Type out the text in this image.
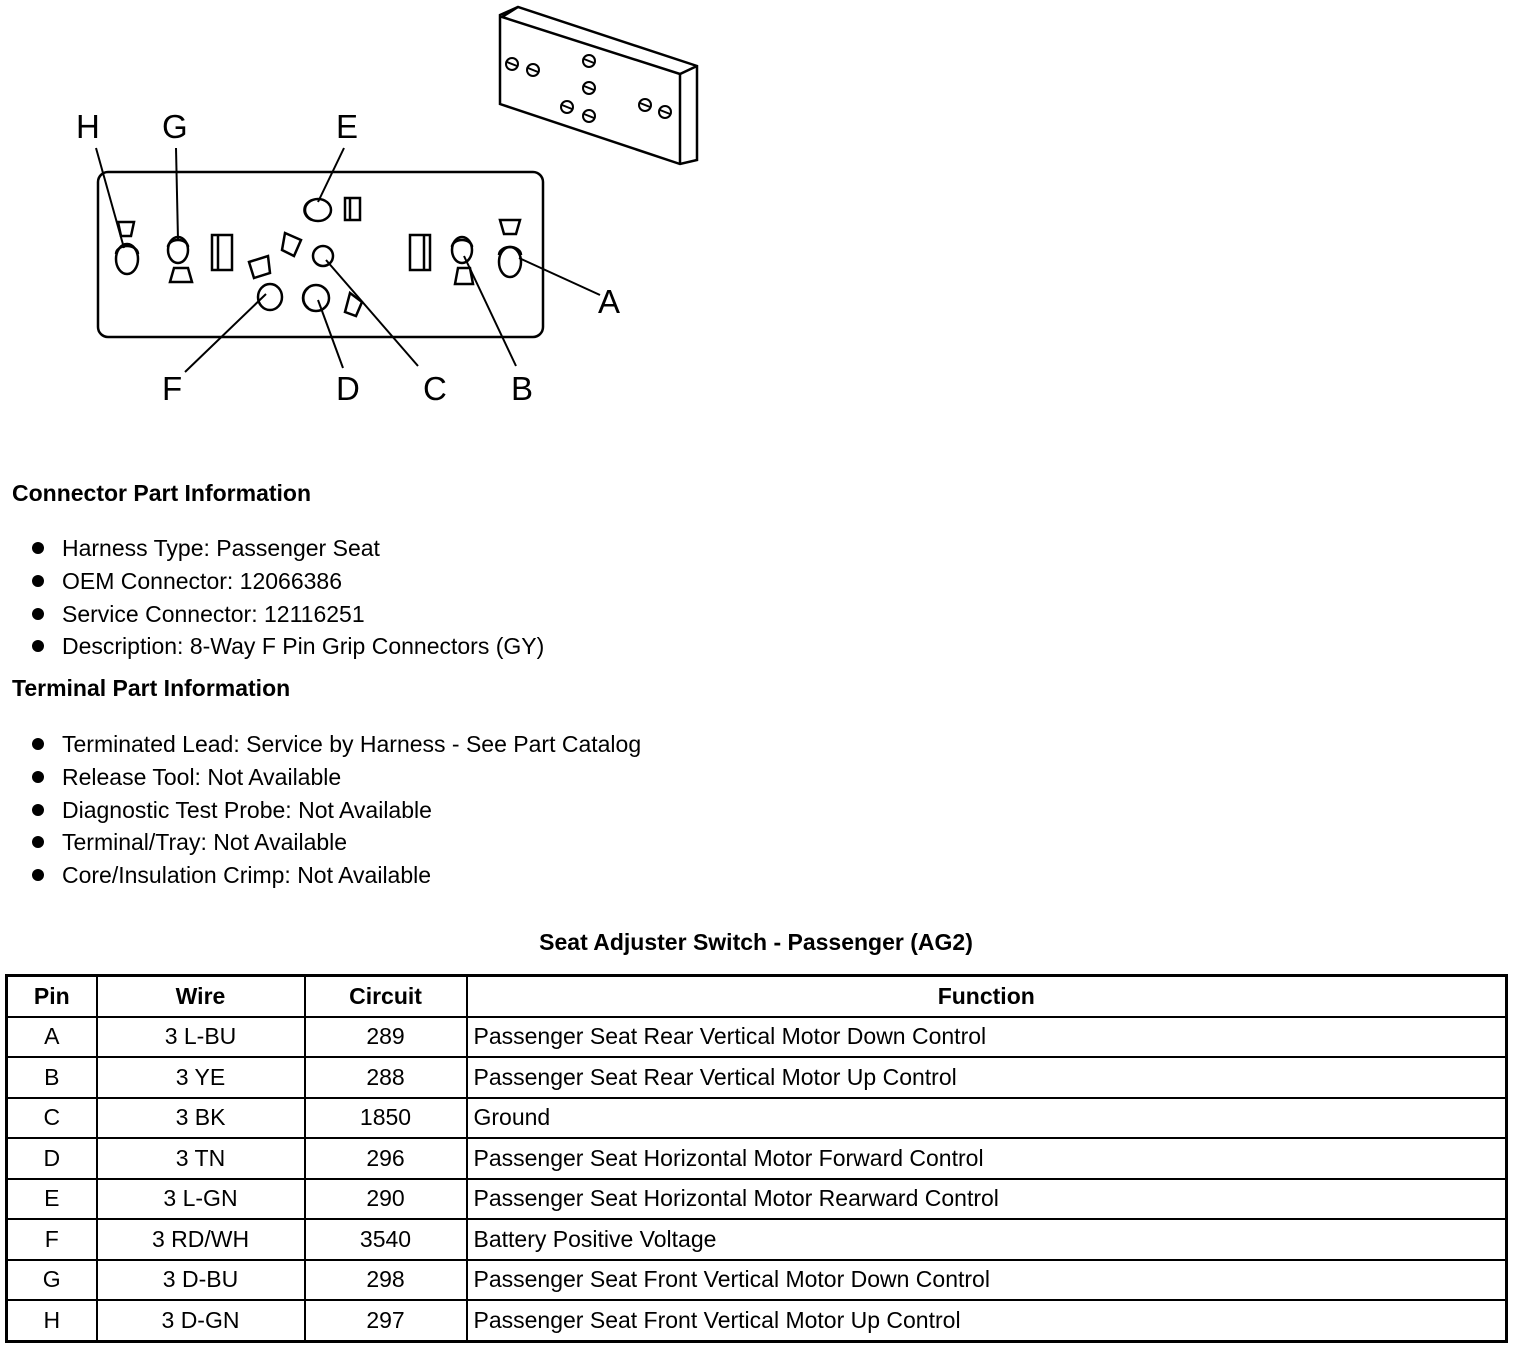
H G	E
A
F	D C B
Connector Part Information
Harness Type: Passenger Seat
OEM Connector: 12066386
Service Connector: 12116251
Description: 8-Way F Pin Grip Connectors (GY)
Terminal Part Information
Terminated Lead: Service by Harness - See Part Catalog
Release Tool: Not Available
Diagnostic Test Probe: Not Available
Terminal/Tray: Not Available
Core/Insulation Crimp: Not Available
Seat Adjuster Switch - Passenger (AG2)
Pin	Wire	Circuit	Function
A	3 L-BU	289	Passenger Seat Rear Vertical Motor Down Control
B	3 YE	288	Passenger Seat Rear Vertical Motor Up Control
C	3 BK	1850	Ground
D	3 TN	296	Passenger Seat Horizontal Motor Forward Control
E	3 L-GN	290	Passenger Seat Horizontal Motor Rearward Control
F	3 RD/WH	3540	Battery Positive Voltage
G	3 D-BU	298	Passenger Seat Front Vertical Motor Down Control
H	3 D-GN	297	Passenger Seat Front Vertical Motor Up Control
